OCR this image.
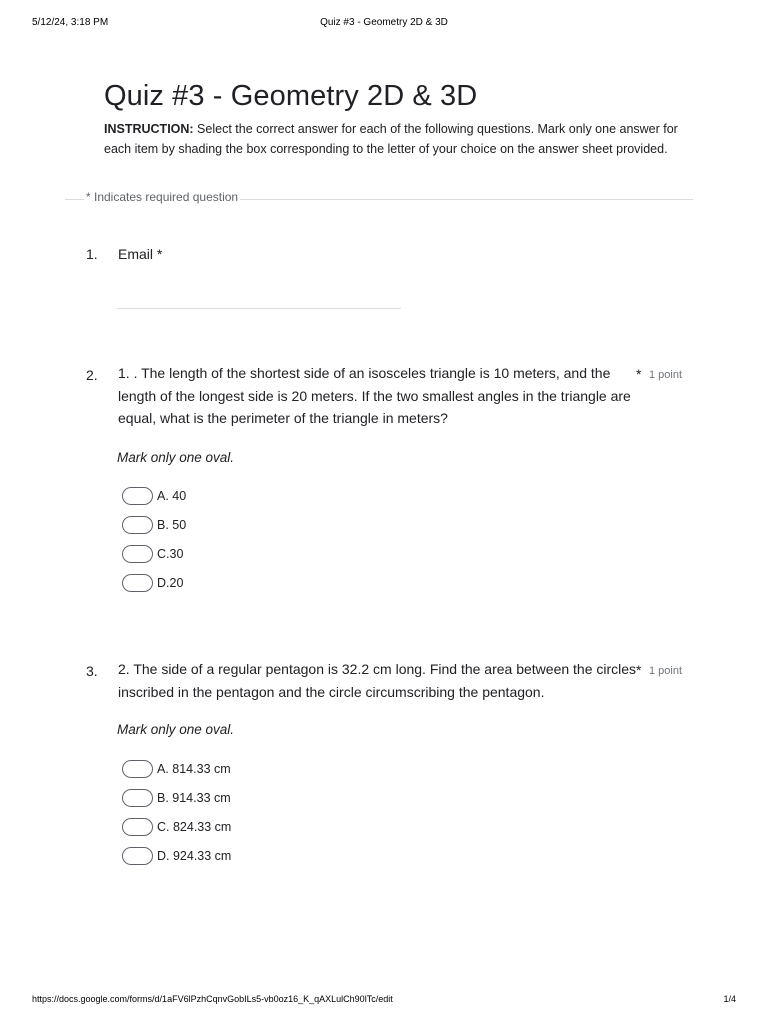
5/12/24, 3:18 PM	Quiz #3 - Geometry 2D & 3D
Quiz #3 - Geometry 2D & 3D

INSTRUCTION: Select the correct answer for each of the following questions. Mark only one answer for each item by shading the box corresponding to the letter of your choice on the answer sheet provided.

* Indicates required question
1. Email *
2. 1. . The length of the shortest side of an isosceles triangle is 10 meters, and the length of the longest side is 20 meters. If the two smallest angles in the triangle are equal, what is the perimeter of the triangle in meters?

* 1 point
Mark only one oval.
A. 40
B. 50
C.30
D.20
3. 2. The side of a regular pentagon is 32.2 cm long. Find the area between the circles inscribed in the pentagon and the circle circumscribing the pentagon.

* 1 point
Mark only one oval.
A. 814.33 cm
B. 914.33 cm
C. 824.33 cm
D. 924.33 cm
https://docs.google.com/forms/d/1aFV6lPzhCqnvGobILs5-vb0oz16_K_qAXLulCh90lTc/edit	1/4
